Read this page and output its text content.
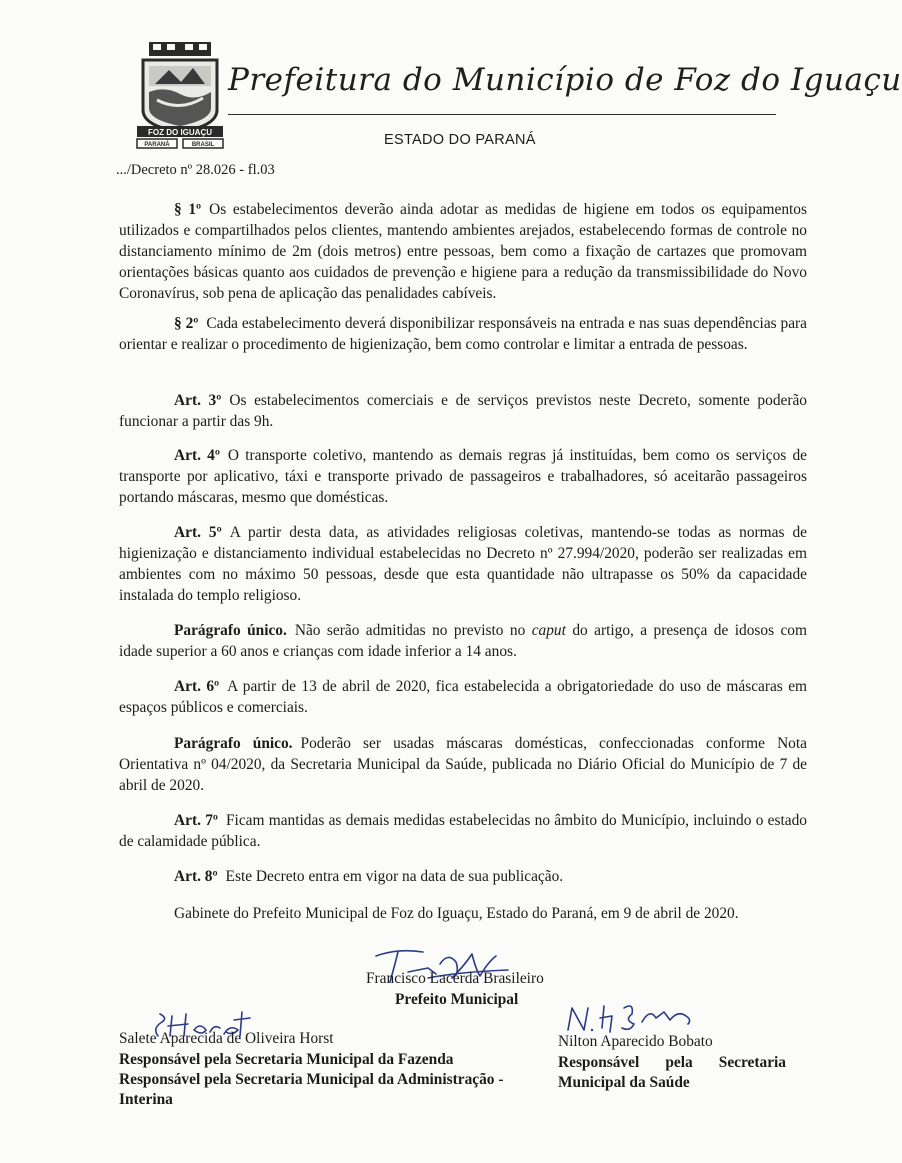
FOZ DO IGUAÇU
PARANÁ	BRASIL
Prefeitura do Município de Foz do Iguaçu
ESTADO DO PARANÁ
.../Decreto nº 28.026 - fl.03
§ 1º Os estabelecimentos deverão ainda adotar as medidas de higiene em todos os equipamentos utilizados e compartilhados pelos clientes, mantendo ambientes arejados, estabelecendo formas de controle no distanciamento mínimo de 2m (dois metros) entre pessoas, bem como a fixação de cartazes que promovam orientações básicas quanto aos cuidados de prevenção e higiene para a redução da transmissibilidade do Novo Coronavírus, sob pena de aplicação das penalidades cabíveis.
§ 2º Cada estabelecimento deverá disponibilizar responsáveis na entrada e nas suas dependências para orientar e realizar o procedimento de higienização, bem como controlar e limitar a entrada de pessoas.
Art. 3º Os estabelecimentos comerciais e de serviços previstos neste Decreto, somente poderão funcionar a partir das 9h.
Art. 4º O transporte coletivo, mantendo as demais regras já instituídas, bem como os serviços de transporte por aplicativo, táxi e transporte privado de passageiros e trabalhadores, só aceitarão passageiros portando máscaras, mesmo que domésticas.
Art. 5º A partir desta data, as atividades religiosas coletivas, mantendo-se todas as normas de higienização e distanciamento individual estabelecidas no Decreto nº 27.994/2020, poderão ser realizadas em ambientes com no máximo 50 pessoas, desde que esta quantidade não ultrapasse os 50% da capacidade instalada do templo religioso.
Parágrafo único. Não serão admitidas no previsto no caput do artigo, a presença de idosos com idade superior a 60 anos e crianças com idade inferior a 14 anos.
Art. 6º A partir de 13 de abril de 2020, fica estabelecida a obrigatoriedade do uso de máscaras em espaços públicos e comerciais.
Parágrafo único. Poderão ser usadas máscaras domésticas, confeccionadas conforme Nota Orientativa nº 04/2020, da Secretaria Municipal da Saúde, publicada no Diário Oficial do Município de 7 de abril de 2020.
Art. 7º Ficam mantidas as demais medidas estabelecidas no âmbito do Município, incluindo o estado de calamidade pública.
Art. 8º Este Decreto entra em vigor na data de sua publicação.
Gabinete do Prefeito Municipal de Foz do Iguaçu, Estado do Paraná, em 9 de abril de 2020.
Francisco Lacerda Brasileiro
Prefeito Municipal
Salete Aparecida de Oliveira Horst
Responsável pela Secretaria Municipal da Fazenda
Responsável pela Secretaria Municipal da Administração -
Interina
Nilton Aparecido Bobato
Responsável pela Secretaria
Municipal da Saúde
